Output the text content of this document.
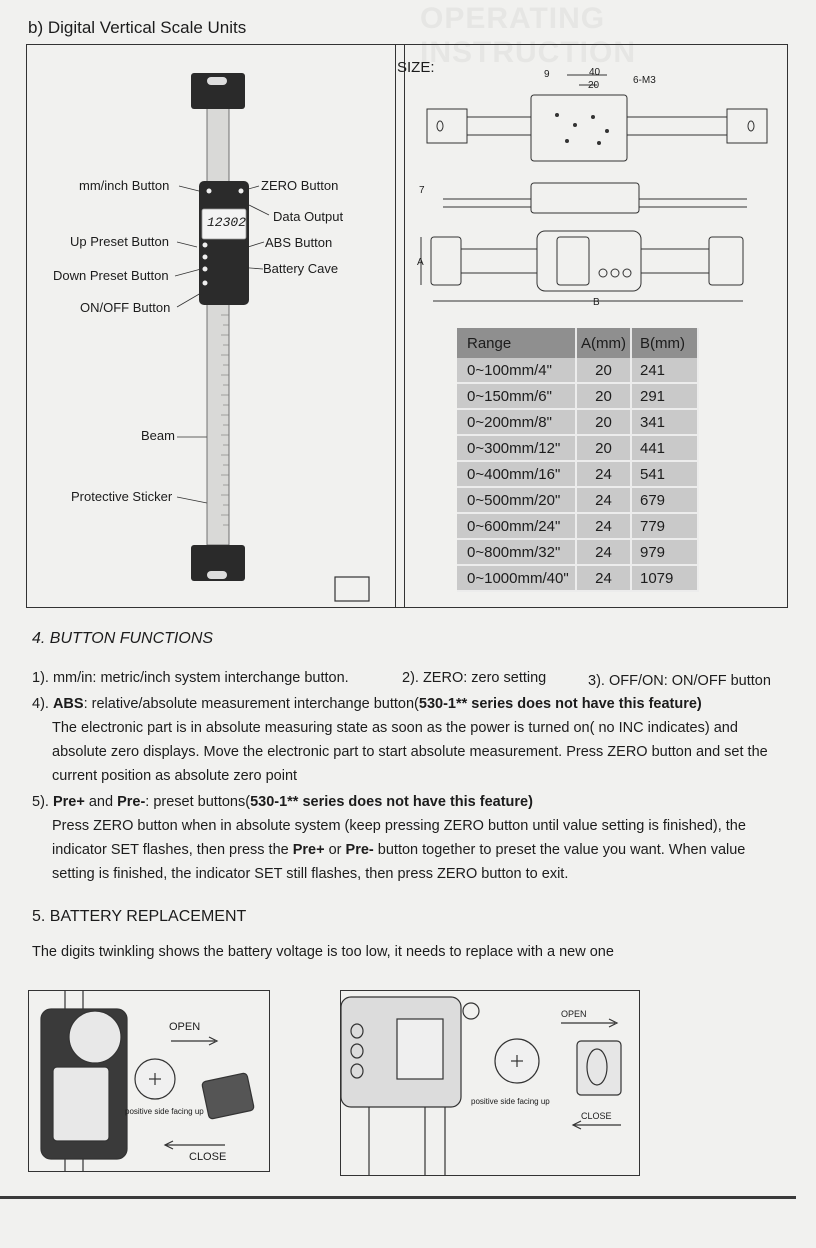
OPERATING INSTRUCTION
b) Digital Vertical Scale Units
12302
mm/inch Button	ZERO Button
Data Output
Up Preset Button	ABS Button
Down Preset Button	Battery Cave
ON/OFF Button
Beam
Protective Sticker
SIZE:	9	40
20	6-M3
7
A
B
Range	A(mm)	B(mm)
0~100mm/4"	20	241
0~150mm/6"	20	291
0~200mm/8"	20	341
0~300mm/12"	20	441
0~400mm/16"	24	541
0~500mm/20"	24	679
0~600mm/24"	24	779
0~800mm/32"	24	979
0~1000mm/40"	24	1079
4. BUTTON FUNCTIONS
1). mm/in: metric/inch system interchange button.	2). ZERO: zero setting	3). OFF/ON: ON/OFF button
4). ABS: relative/absolute measurement interchange button(530-1** series does not have this feature)
The electronic part is in absolute measuring state as soon as the power is turned on( no INC indicates) and absolute zero displays. Move the electronic part to start absolute measurement. Press ZERO button and set the current position as absolute zero point
5). Pre+ and Pre-: preset buttons(530-1** series does not have this feature)
Press ZERO button when in absolute system (keep pressing ZERO button until value setting is finished), the indicator SET flashes, then press the Pre+ or Pre- button together to preset the value you want. When value setting is finished, the indicator SET still flashes, then press ZERO button to exit.
5. BATTERY REPLACEMENT
The digits twinkling shows the battery voltage is too low, it needs to replace with a new one
OPEN
CLOSE
positive side facing up
OPEN
CLOSE
positive side facing up
